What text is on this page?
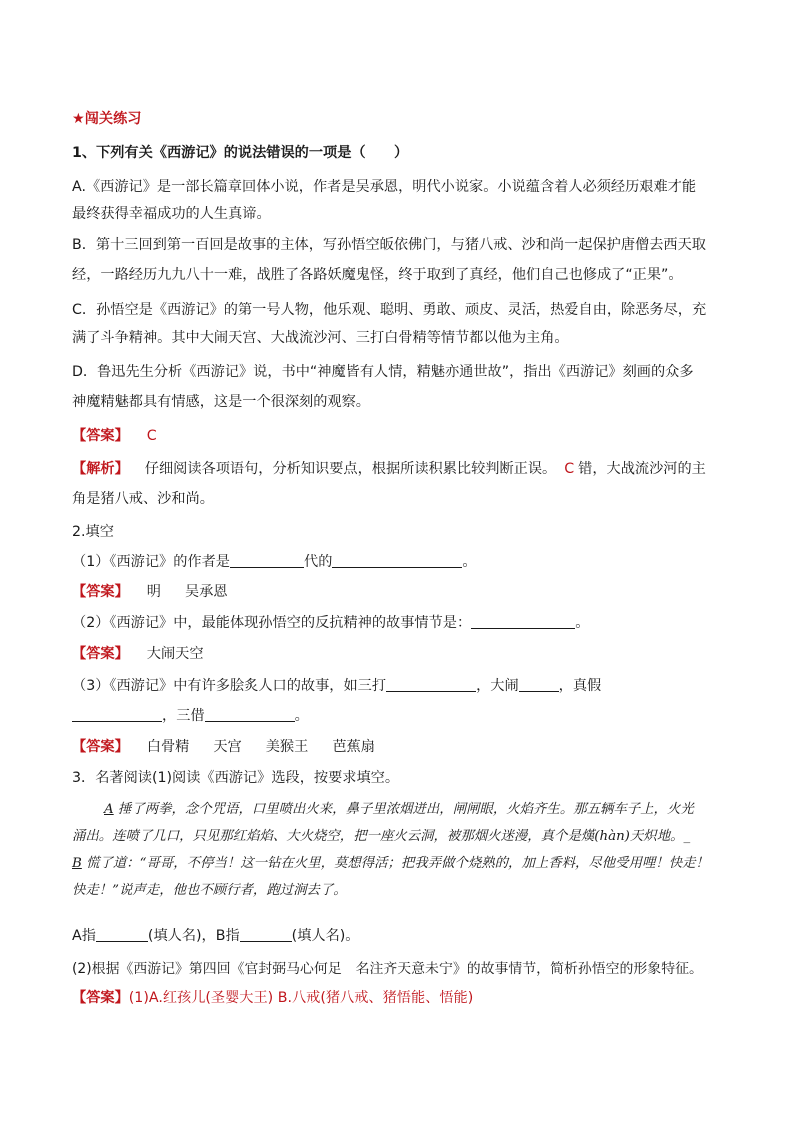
★闯关练习
1、下列有关《西游记》的说法错误的一项是（　　）
A.《西游记》是一部长篇章回体小说，作者是吴承恩，明代小说家。小说蕴含着人必须经历艰难才能
最终获得幸福成功的人生真谛。
B．第十三回到第一百回是故事的主体，写孙悟空皈依佛门，与猪八戒、沙和尚一起保护唐僧去西天取
经，一路经历九九八十一难，战胜了各路妖魔鬼怪，终于取到了真经，他们自己也修成了“正果”。
C．孙悟空是《西游记》的第一号人物，他乐观、聪明、勇敢、顽皮、灵活，热爱自由，除恶务尽，充
满了斗争精神。其中大闹天宫、大战流沙河、三打白骨精等情节都以他为主角。
D．鲁迅先生分析《西游记》说，书中“神魔皆有人情，精魅亦通世故”，指出《西游记》刻画的众多
神魔精魅都具有情感，这是一个很深刻的观察。
【答案】 C
【解析】 仔细阅读各项语句，分析知识要点，根据所读积累比较判断正误。 C 错，大战流沙河的主
角是猪八戒、沙和尚。
2.填空
（1）《西游记》的作者是	代的	。
【答案】 明 吴承恩
（2）《西游记》中，最能体现孙悟空的反抗精神的故事情节是：	。
【答案】 大闹天空
（3）《西游记》中有许多脍炙人口的故事，如三打	，大闹	，真假
，三借	。
【答案】 白骨精 天宫 美猴王 芭蕉扇
3．名著阅读(1)阅读《西游记》选段，按要求填空。
A 捶了两拳，念个咒语，口里喷出火来，鼻子里浓烟迸出，闸闸眼，火焰齐生。那五辆车子上，火光
涌出。连喷了几口，只见那红焰焰、大火烧空，把一座火云洞，被那烟火迷漫，真个是熯(hàn)天炽地。_
B 慌了道：“哥哥，不停当！这一钻在火里，莫想得活；把我弄做个烧熟的，加上香料，尽他受用哩！快走！
快走！”说声走，他也不顾行者，跑过涧去了。
A指	(填人名)，B指	(填人名)。
(2)根据《西游记》第四回《官封弼马心何足　名注齐天意未宁》的故事情节，简析孙悟空的形象特征。
【答案】(1)A.红孩儿(圣婴大王) B.八戒(猪八戒、猪悟能、悟能)
